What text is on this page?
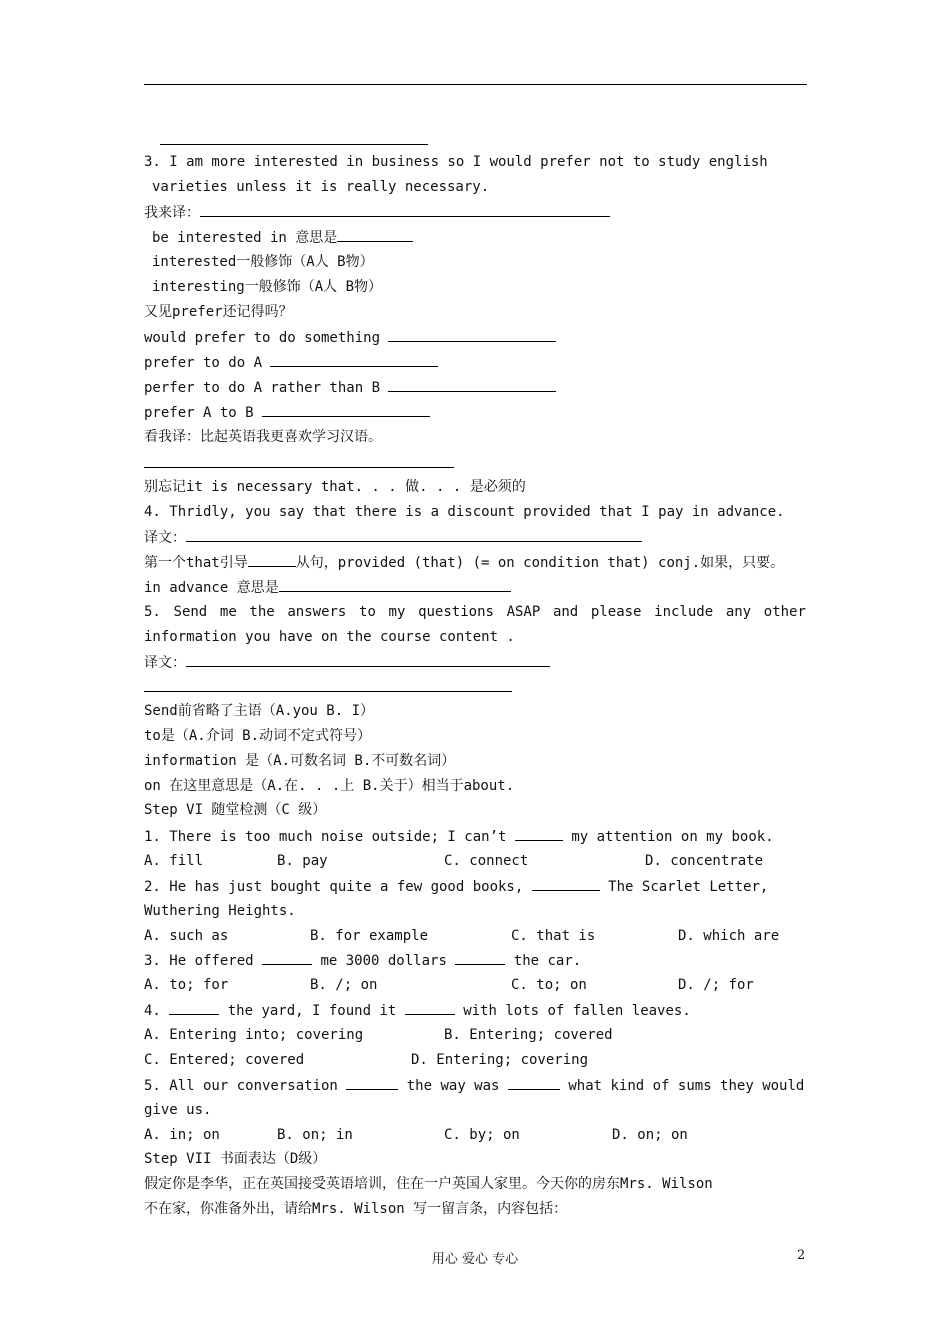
3. I am more interested in business so I would prefer not to study english
varieties unless it is really necessary.
我来译：
be interested in 意思是
interested一般修饰（A人 B物）
interesting一般修饰（A人 B物）
又见prefer还记得吗？
would prefer to do something
prefer to do A
perfer to do A rather than B
prefer A to B
看我译：比起英语我更喜欢学习汉语。
别忘记it is necessary that. . . 做. . . 是必须的
4. Thridly, you say that there is a discount provided that I pay in advance.
译文：
第一个that引导	从句，provided (that) (= on condition that) conj.如果，只要。
in advance 意思是
5. Send me the answers to my questions ASAP and please include any other
information you have on the course content .
译文：
Send前省略了主语（A.you B. I）
to是（A.介词 B.动词不定式符号）
information 是（A.可数名词 B.不可数名词）
on 在这里意思是（A.在. . .上 B.关于）相当于about.
Step VI 随堂检测（C 级）
1. There is too much noise outside; I can’t	my attention on my book.
A. fill	B. pay	C. connect	D. concentrate
2. He has just bought quite a few good books,	The Scarlet Letter,
Wuthering Heights.
A. such as	B. for example	C. that is	D. which are
3. He offered	me 3000 dollars	the car.
A. to; for	B. /; on	C. to; on	D. /; for
4.	the yard, I found it	with lots of fallen leaves.
A. Entering into; covering	B. Entering; covered
C. Entered; covered	D. Entering; covering
5. All our conversation	the way was	what kind of sums they would
give us.
A. in; on	B. on; in	C. by; on	D. on; on
Step VII 书面表达（D级）
假定你是李华，正在英国接受英语培训，住在一户英国人家里。今天你的房东Mrs. Wilson
不在家，你准备外出，请给Mrs. Wilson 写一留言条，内容包括：
用心 爱心 专心	2
